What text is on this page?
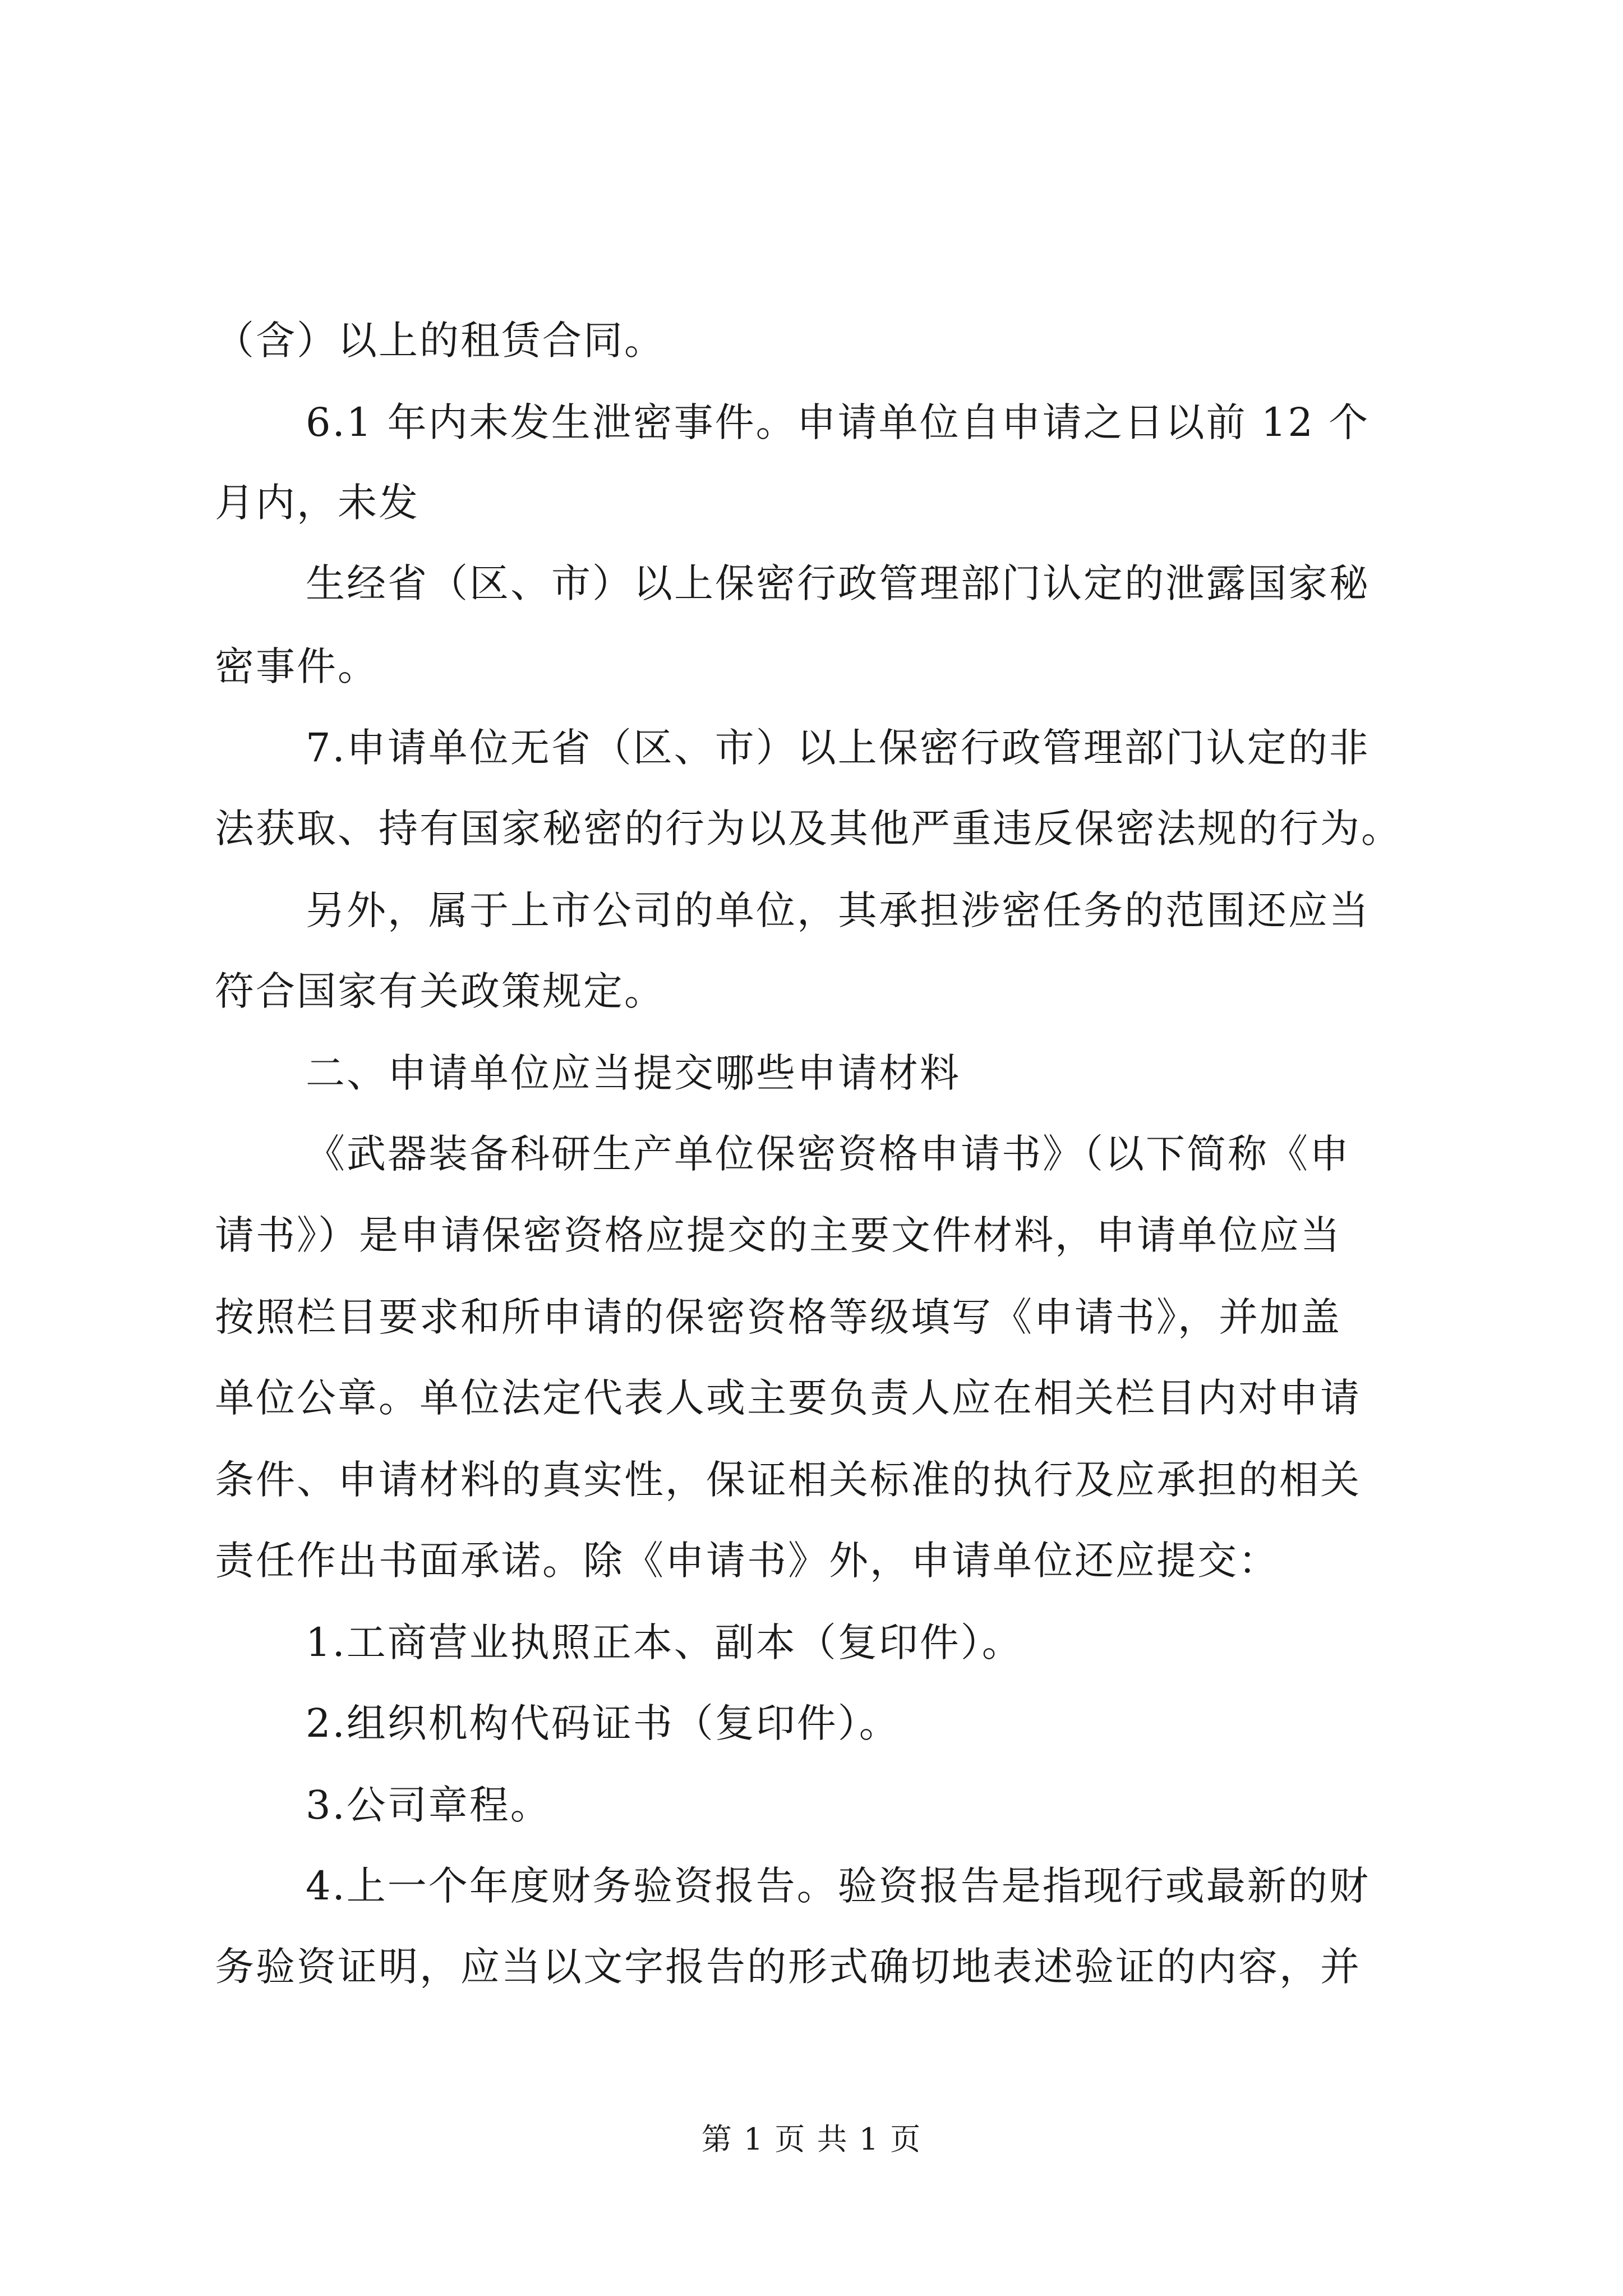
（含）以上的租赁合同。
6.1 年内未发生泄密事件。申请单位自申请之日以前 12 个
月内，未发
生经省（区、市）以上保密行政管理部门认定的泄露国家秘
密事件。
7.申请单位无省（区、市）以上保密行政管理部门认定的非
法获取、持有国家秘密的行为以及其他严重违反保密法规的行为。
另外，属于上市公司的单位，其承担涉密任务的范围还应当
符合国家有关政策规定。
二、申请单位应当提交哪些申请材料
《武器装备科研生产单位保密资格申请书》（以下简称《申
请书》）是申请保密资格应提交的主要文件材料，申请单位应当
按照栏目要求和所申请的保密资格等级填写《申请书》，并加盖
单位公章。单位法定代表人或主要负责人应在相关栏目内对申请
条件、申请材料的真实性，保证相关标准的执行及应承担的相关
责任作出书面承诺。除《申请书》外，申请单位还应提交：
1.工商营业执照正本、副本（复印件）。
2.组织机构代码证书（复印件）。
3.公司章程。
4.上一个年度财务验资报告。验资报告是指现行或最新的财
务验资证明，应当以文字报告的形式确切地表述验证的内容，并
第 1 页 共 1 页
